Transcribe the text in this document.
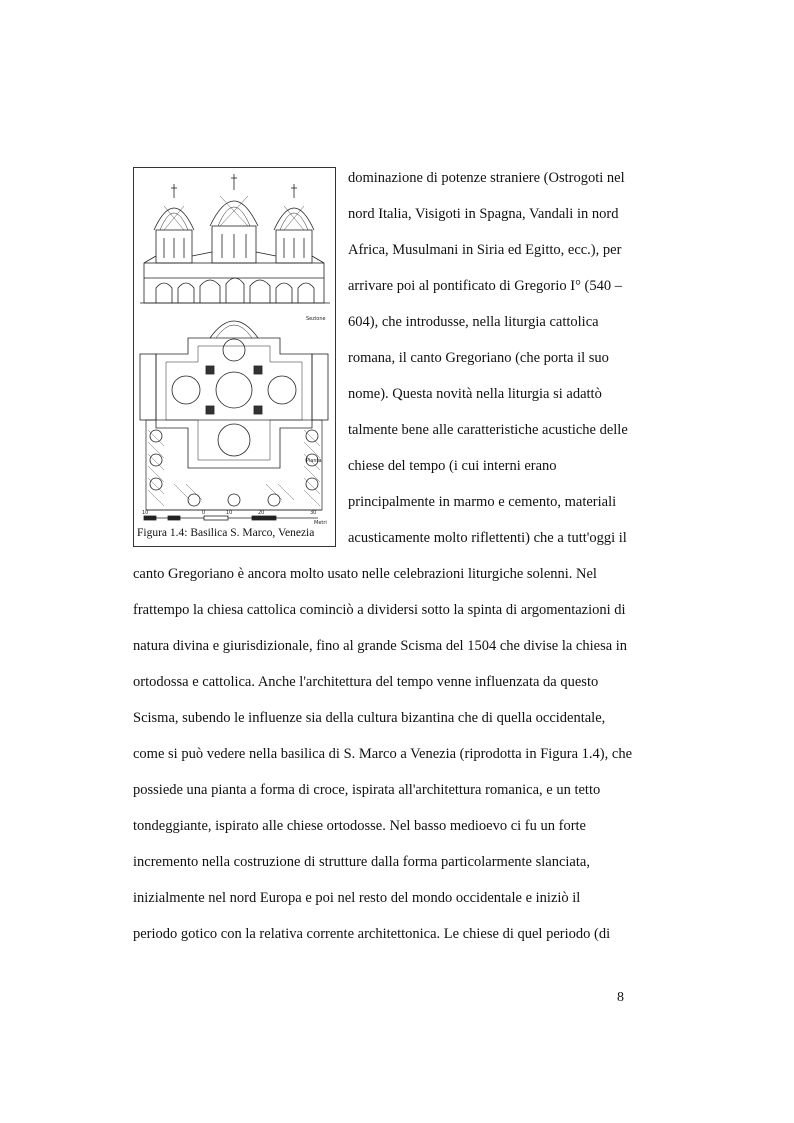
Sezione
Pianta
10	0	10	20	30
Metri
Figura 1.4: Basilica S. Marco, Venezia
dominazione di potenze straniere (Ostrogoti nel
nord Italia, Visigoti in Spagna, Vandali in nord
Africa, Musulmani in Siria ed Egitto, ecc.), per
arrivare poi al pontificato di Gregorio I° (540 –
604), che introdusse, nella liturgia cattolica
romana, il canto Gregoriano (che porta il suo
nome). Questa novità nella liturgia si adattò
talmente bene alle caratteristiche acustiche delle
chiese del tempo (i cui interni erano
principalmente in marmo e cemento, materiali
acusticamente molto riflettenti) che a tutt'oggi il
canto Gregoriano è ancora molto usato nelle celebrazioni liturgiche solenni. Nel
frattempo la chiesa cattolica cominciò a dividersi sotto la spinta di argomentazioni di
natura divina e giurisdizionale, fino al grande Scisma del 1504 che divise la chiesa in
ortodossa e cattolica. Anche l'architettura del tempo venne influenzata da questo
Scisma, subendo le influenze sia della cultura bizantina che di quella occidentale,
come si può vedere nella basilica di S. Marco a Venezia (riprodotta in Figura 1.4), che
possiede una pianta a forma di croce, ispirata all'architettura romanica, e un tetto
tondeggiante, ispirato alle chiese ortodosse. Nel basso medioevo ci fu un forte
incremento nella costruzione di strutture dalla forma particolarmente slanciata,
inizialmente nel nord Europa e poi nel resto del mondo occidentale e iniziò il
periodo gotico con la relativa corrente architettonica. Le chiese di quel periodo (di
8
